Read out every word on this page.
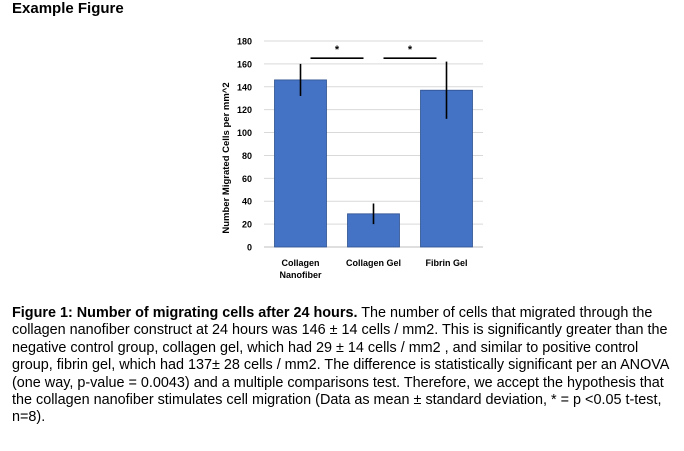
Example Figure
0
20
40
60
80
100
120
140
160
180
*	*
Collagen
Nanofiber
Collagen Gel	Fibrin Gel
Number Migrated Cells per mm^2

Figure 1: Number of migrating cells after 24 hours. The number of cells that migrated through the collagen nanofiber construct at 24 hours was 146 ± 14 cells / mm2. This is significantly greater than the negative control group, collagen gel, which had 29 ± 14 cells / mm2 , and similar to positive control group, fibrin gel, which had 137± 28 cells / mm2. The difference is statistically significant per an ANOVA (one way, p-value = 0.0043) and a multiple comparisons test. Therefore, we accept the hypothesis that the collagen nanofiber stimulates cell migration (Data as mean ± standard deviation, * = p <0.05 t-test, n=8).
